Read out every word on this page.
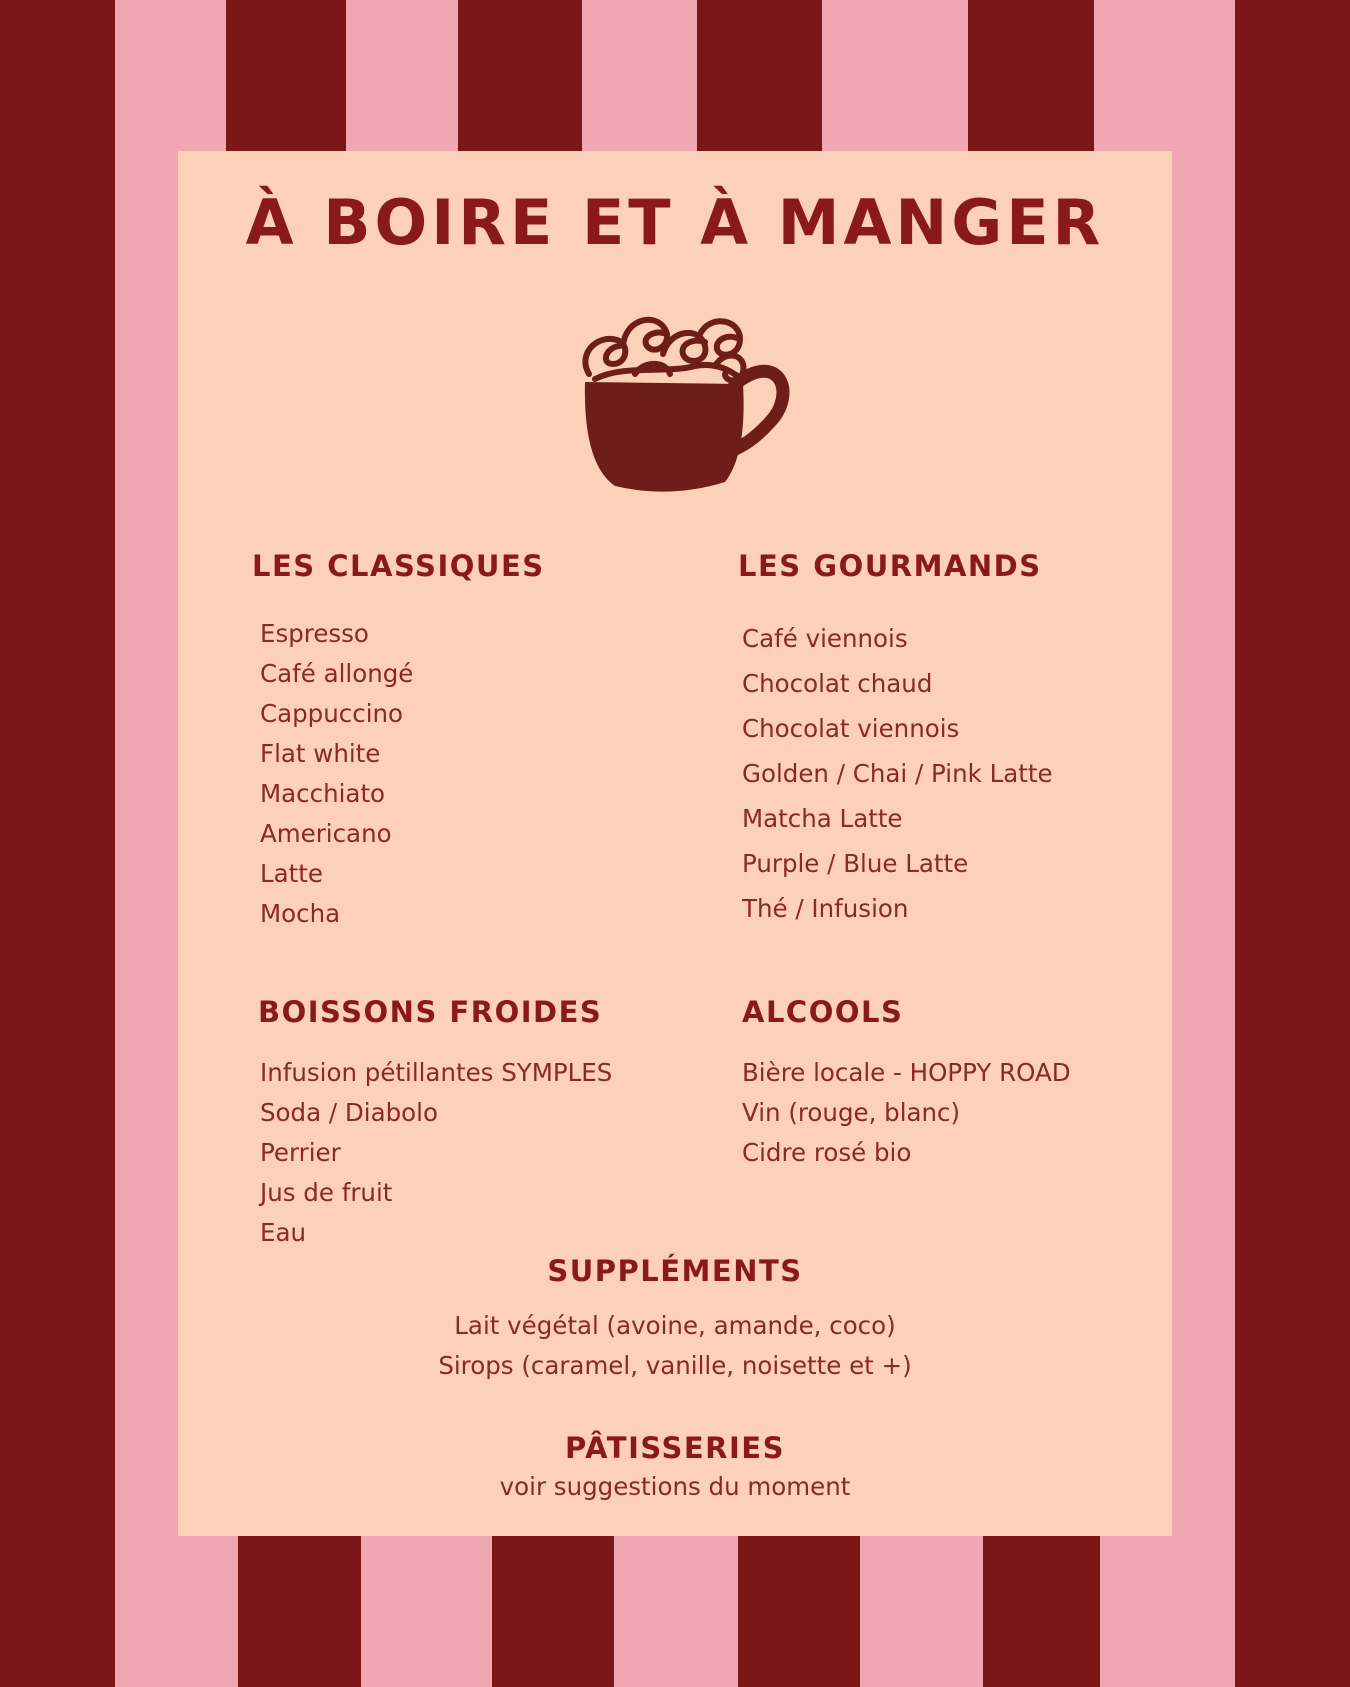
À BOIRE ET À MANGER
LES CLASSIQUES
Espresso
Café allongé
Cappuccino
Flat white
Macchiato
Americano
Latte
Mocha
LES GOURMANDS
Café viennois
Chocolat chaud
Chocolat viennois
Golden / Chai / Pink Latte
Matcha Latte
Purple / Blue Latte
Thé / Infusion
BOISSONS FROIDES
Infusion pétillantes SYMPLES
Soda / Diabolo
Perrier
Jus de fruit
Eau
ALCOOLS
Bière locale - HOPPY ROAD
Vin (rouge, blanc)
Cidre rosé bio
SUPPLÉMENTS
Lait végétal (avoine, amande, coco)
Sirops (caramel, vanille, noisette et +)
PÂTISSERIES

voir suggestions du moment
